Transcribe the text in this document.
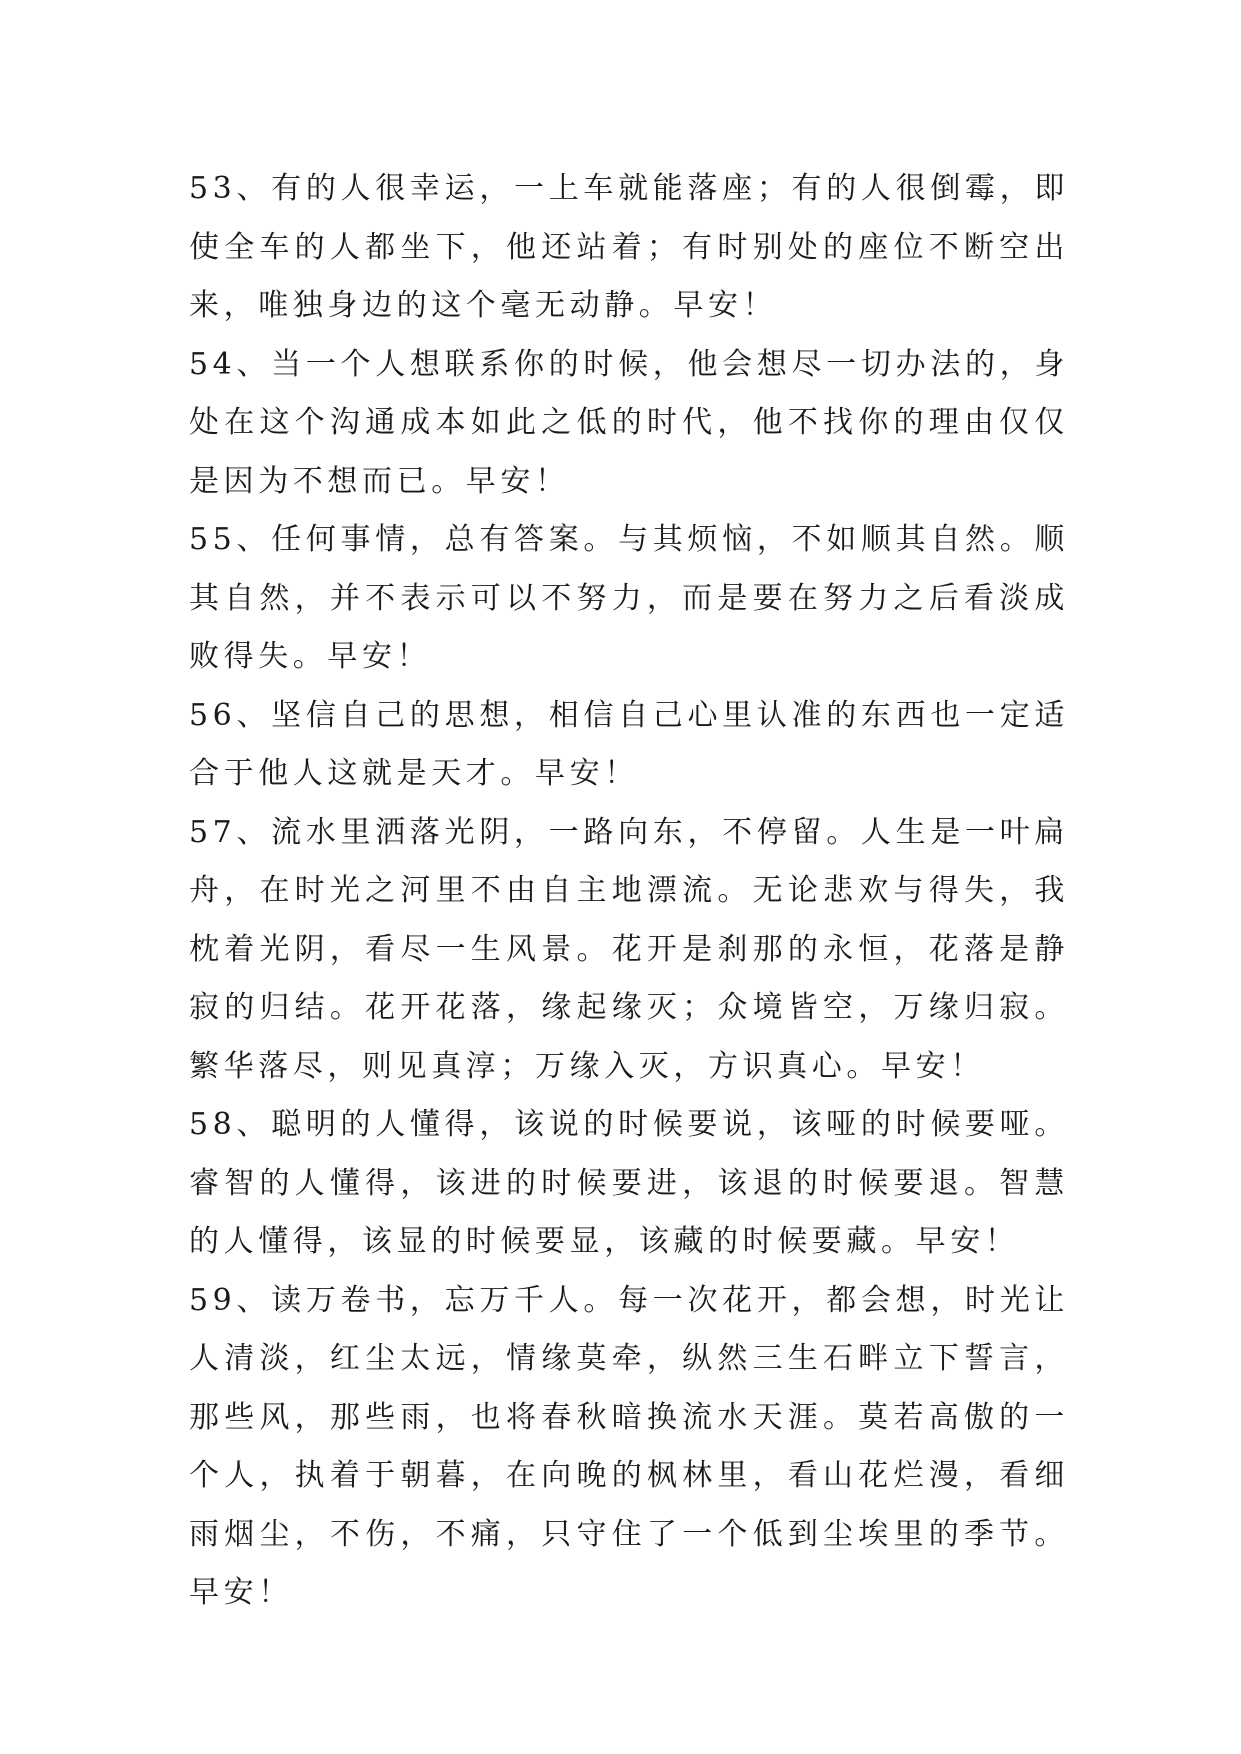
53、有的人很幸运，一上车就能落座；有的人很倒霉，即使全车的人都坐下，他还站着；有时别处的座位不断空出来，唯独身边的这个毫无动静。早安！

54、当一个人想联系你的时候，他会想尽一切办法的，身处在这个沟通成本如此之低的时代，他不找你的理由仅仅是因为不想而已。早安！

55、任何事情，总有答案。与其烦恼，不如顺其自然。顺其自然，并不表示可以不努力，而是要在努力之后看淡成败得失。早安！

56、坚信自己的思想，相信自己心里认准的东西也一定适合于他人这就是天才。早安！

57、流水里洒落光阴，一路向东，不停留。人生是一叶扁舟，在时光之河里不由自主地漂流。无论悲欢与得失，我枕着光阴，看尽一生风景。花开是刹那的永恒，花落是静寂的归结。花开花落，缘起缘灭；众境皆空，万缘归寂。繁华落尽，则见真淳；万缘入灭，方识真心。早安！

58、聪明的人懂得，该说的时候要说，该哑的时候要哑。睿智的人懂得，该进的时候要进，该退的时候要退。智慧的人懂得，该显的时候要显，该藏的时候要藏。早安！

59、读万卷书，忘万千人。每一次花开，都会想，时光让人清淡，红尘太远，情缘莫牵，纵然三生石畔立下誓言，那些风，那些雨，也将春秋暗换流水天涯。莫若高傲的一个人，执着于朝暮，在向晚的枫林里，看山花烂漫，看细雨烟尘，不伤，不痛，只守住了一个低到尘埃里的季节。早安！
